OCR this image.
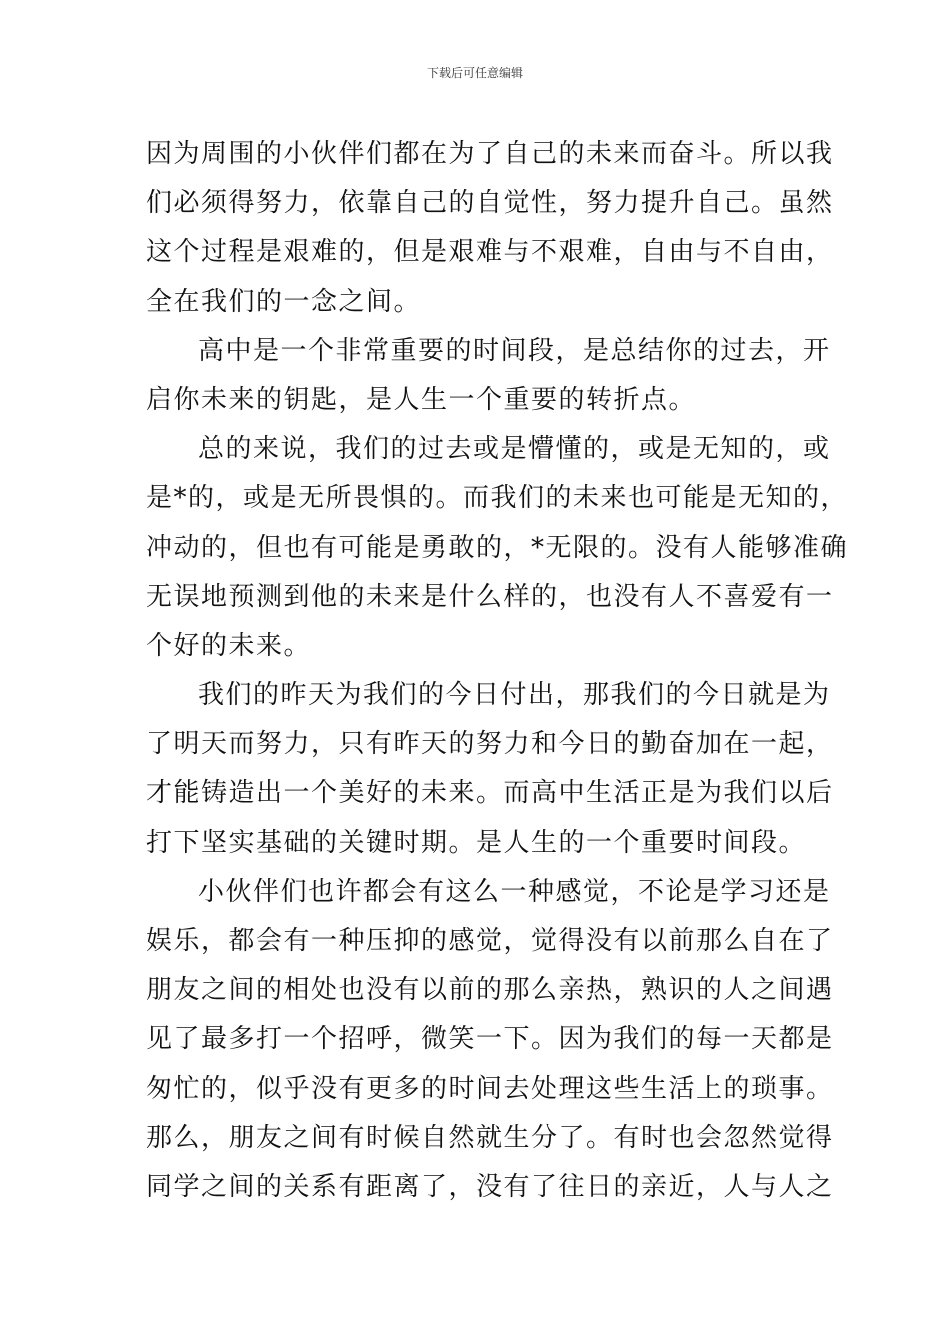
下载后可任意编辑
因为周围的小伙伴们都在为了自己的未来而奋斗。所以我
们必须得努力，依靠自己的自觉性，努力提升自己。虽然
这个过程是艰难的，但是艰难与不艰难，自由与不自由，
全在我们的一念之间。
高中是一个非常重要的时间段，是总结你的过去，开
启你未来的钥匙，是人生一个重要的转折点。
总的来说，我们的过去或是懵懂的，或是无知的，或
是*的，或是无所畏惧的。而我们的未来也可能是无知的，
冲动的，但也有可能是勇敢的，*无限的。没有人能够准确
无误地预测到他的未来是什么样的，也没有人不喜爱有一
个好的未来。
我们的昨天为我们的今日付出，那我们的今日就是为
了明天而努力，只有昨天的努力和今日的勤奋加在一起，
才能铸造出一个美好的未来。而高中生活正是为我们以后
打下坚实基础的关键时期。是人生的一个重要时间段。
小伙伴们也许都会有这么一种感觉，不论是学习还是
娱乐，都会有一种压抑的感觉，觉得没有以前那么自在了
朋友之间的相处也没有以前的那么亲热，熟识的人之间遇
见了最多打一个招呼，微笑一下。因为我们的每一天都是
匆忙的，似乎没有更多的时间去处理这些生活上的琐事。
那么，朋友之间有时候自然就生分了。有时也会忽然觉得
同学之间的关系有距离了，没有了往日的亲近，人与人之
